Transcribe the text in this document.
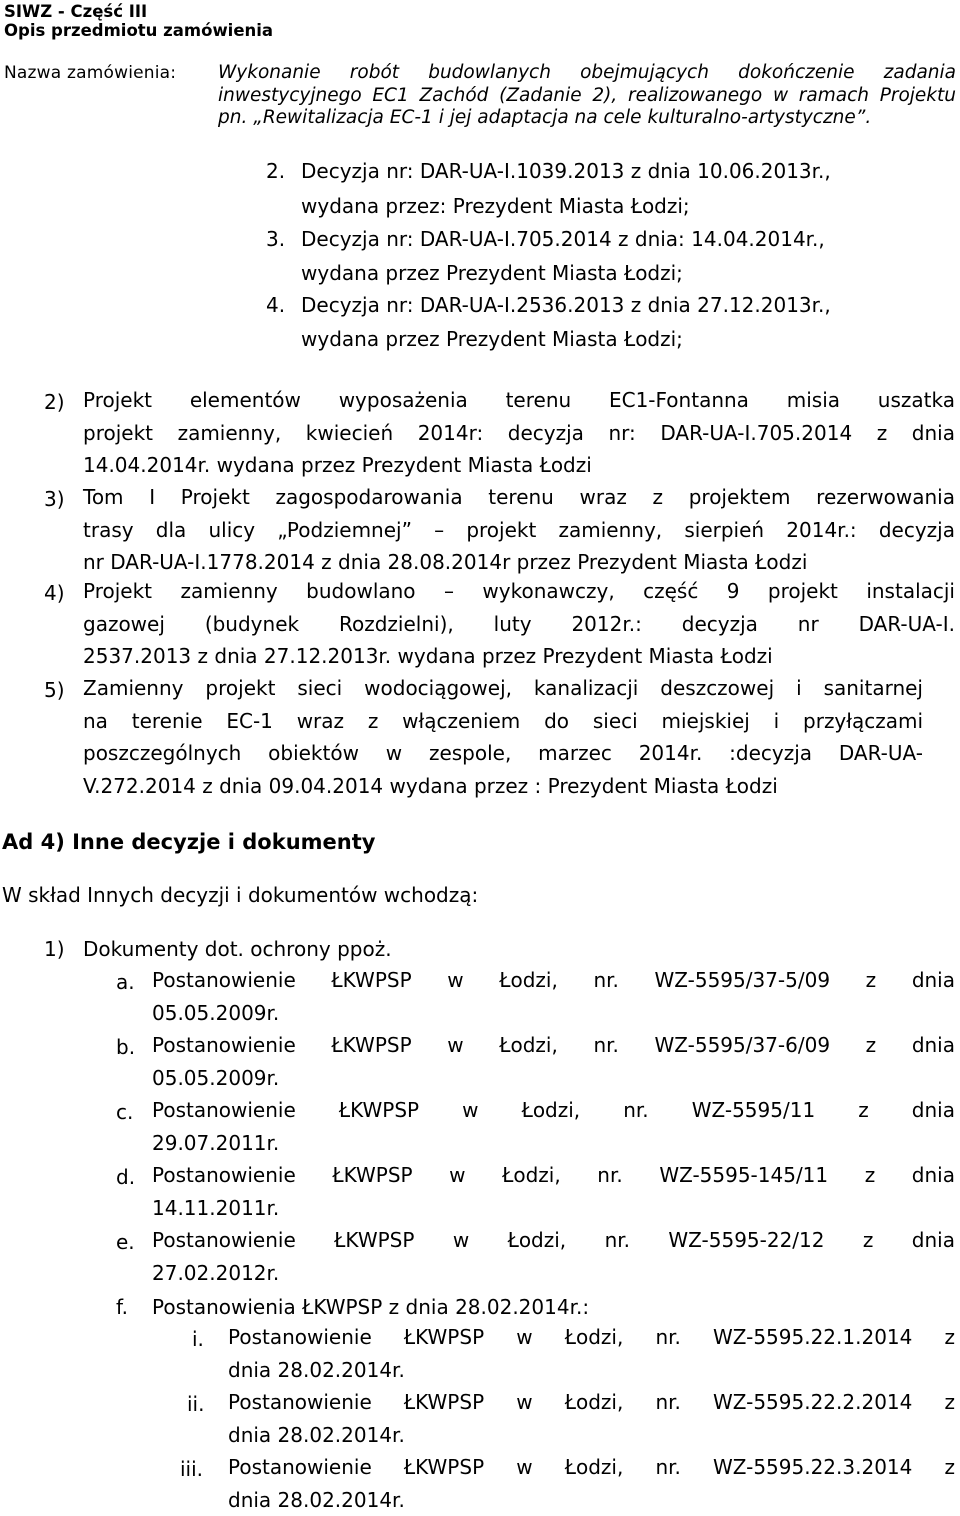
SIWZ - Część III
Opis przedmiotu zamówienia
Nazwa zamówienia: Wykonanie robót budowlanych obejmujących dokończenie zadania
inwestycyjnego EC1 Zachód (Zadanie 2), realizowanego w ramach Projektu
pn. „Rewitalizacja EC-1 i jej adaptacja na cele kulturalno-artystyczne”.

2. Decyzja nr: DAR-UA-I.1039.2013 z dnia 10.06.2013r.,
wydana przez: Prezydent Miasta Łodzi;
3. Decyzja nr: DAR-UA-I.705.2014 z dnia: 14.04.2014r.,
wydana przez Prezydent Miasta Łodzi;
4. Decyzja nr: DAR-UA-I.2536.2013 z dnia 27.12.2013r.,
wydana przez Prezydent Miasta Łodzi;
2) Projekt elementów wyposażenia terenu EC1-Fontanna misia uszatka
projekt zamienny, kwiecień 2014r: decyzja nr: DAR-UA-I.705.2014 z dnia
14.04.2014r. wydana przez Prezydent Miasta Łodzi

3) Tom I Projekt zagospodarowania terenu wraz z projektem rezerwowania
trasy dla ulicy „Podziemnej” – projekt zamienny, sierpień 2014r.: decyzja
nr DAR-UA-I.1778.2014 z dnia 28.08.2014r przez Prezydent Miasta Łodzi

4) Projekt zamienny budowlano – wykonawczy, część 9 projekt instalacji
gazowej (budynek Rozdzielni), luty 2012r.: decyzja nr DAR-UA-I.
2537.2013 z dnia 27.12.2013r. wydana przez Prezydent Miasta Łodzi

5) Zamienny projekt sieci wodociągowej, kanalizacji deszczowej i sanitarnej
na terenie EC-1 wraz z włączeniem do sieci miejskiej i przyłączami
poszczególnych obiektów w zespole, marzec 2014r. :decyzja DAR-UA-
V.272.2014 z dnia 09.04.2014 wydana przez : Prezydent Miasta Łodzi

Ad 4) Inne decyzje i dokumenty
W skład Innych decyzji i dokumentów wchodzą:
1) Dokumenty dot. ochrony ppoż.
a. Postanowienie ŁKWPSP w Łodzi, nr. WZ-5595/37-5/09 z dnia
05.05.2009r.

b. Postanowienie ŁKWPSP w Łodzi, nr. WZ-5595/37-6/09 z dnia
05.05.2009r.

c. Postanowienie ŁKWPSP w Łodzi, nr. WZ-5595/11 z dnia
29.07.2011r.

d. Postanowienie ŁKWPSP w Łodzi, nr. WZ-5595-145/11 z dnia
14.11.2011r.

e. Postanowienie ŁKWPSP w Łodzi, nr. WZ-5595-22/12 z dnia
27.02.2012r.

f. Postanowienia ŁKWPSP z dnia 28.02.2014r.:
i. Postanowienie ŁKWPSP w Łodzi, nr. WZ-5595.22.1.2014 z
dnia 28.02.2014r.

ii. Postanowienie ŁKWPSP w Łodzi, nr. WZ-5595.22.2.2014 z
dnia 28.02.2014r.

iii. Postanowienie ŁKWPSP w Łodzi, nr. WZ-5595.22.3.2014 z
dnia 28.02.2014r.
